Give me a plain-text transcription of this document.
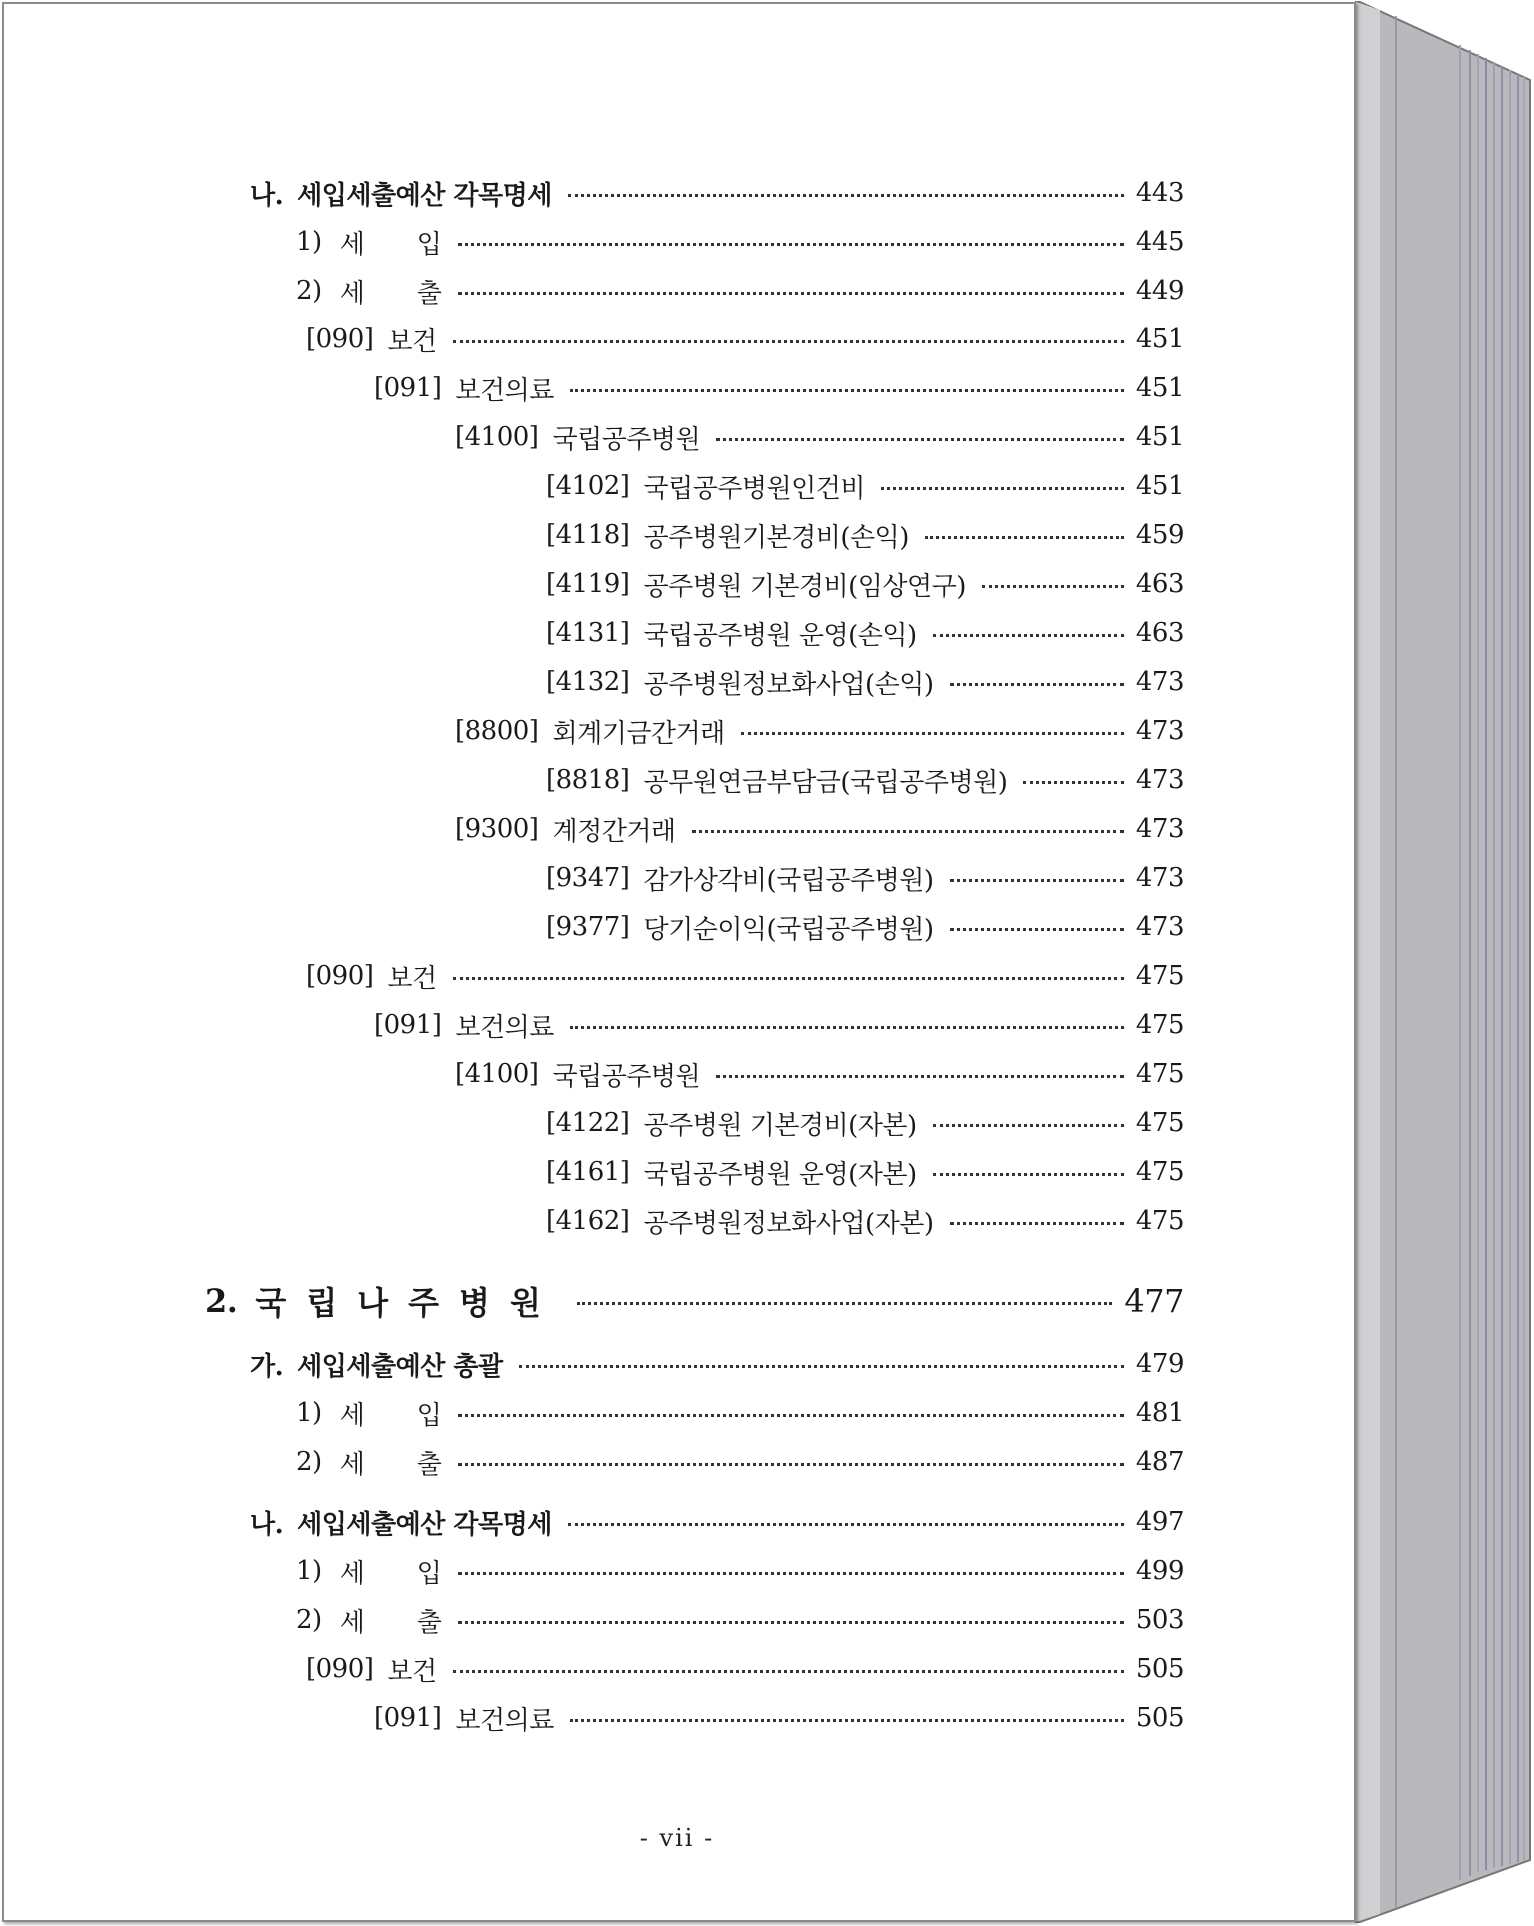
나. 세입세출예산 각목명세	443
1) 세　　입	445
2) 세　　출	449
[090] 보건	451
[091] 보건의료	451
[4100] 국립공주병원	451
[4102] 국립공주병원인건비	451
[4118] 공주병원기본경비(손익)	459
[4119] 공주병원 기본경비(임상연구)	463
[4131] 국립공주병원 운영(손익)	463
[4132] 공주병원정보화사업(손익)	473
[8800] 회계기금간거래	473
[8818] 공무원연금부담금(국립공주병원)	473
[9300] 계정간거래	473
[9347] 감가상각비(국립공주병원)	473
[9377] 당기순이익(국립공주병원)	473
[090] 보건	475
[091] 보건의료	475
[4100] 국립공주병원	475
[4122] 공주병원 기본경비(자본)	475
[4161] 국립공주병원 운영(자본)	475
[4162] 공주병원정보화사업(자본)	475
2. 국립나주병원	477
가. 세입세출예산 총괄	479
1) 세　　입	481
2) 세　　출	487
나. 세입세출예산 각목명세	497
1) 세　　입	499
2) 세　　출	503
[090] 보건	505
[091] 보건의료	505
- vii -
